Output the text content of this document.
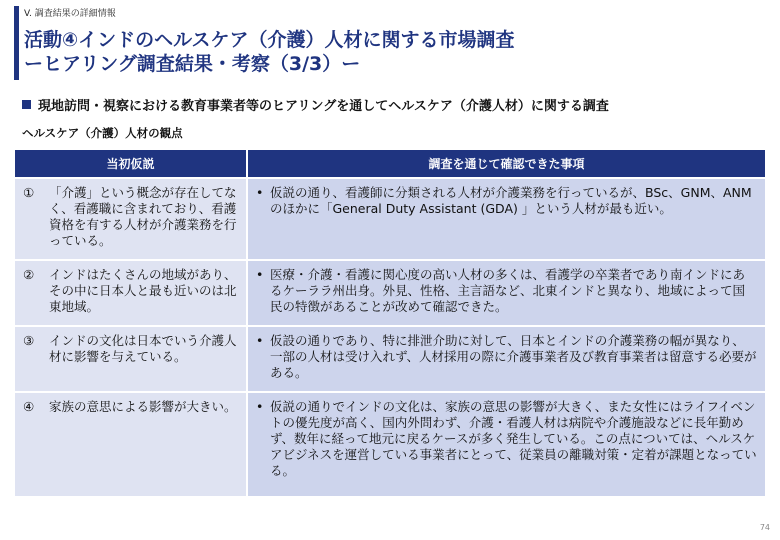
V. 調査結果の詳細情報
活動④インドのヘルスケア（介護）人材に関する市場調査
ーヒアリング調査結果・考察（3/3）ー
現地訪問・視察における教育事業者等のヒアリングを通してヘルスケア（介護人材）に関する調査
ヘルスケア（介護）人材の観点
当初仮説	調査を通じて確認できた事項

① 「介護」という概念が存在してなく、看護職に含まれており、看護資格を有する人材が介護業務を行っている。	• 仮説の通り、看護師に分類される人材が介護業務を行っているが、BSc、GNM、ANMのほかに「General Duty Assistant (GDA) 」という人材が最も近い。

② インドはたくさんの地域があり、その中に日本人と最も近いのは北東地域。	• 医療・介護・看護に関心度の高い人材の多くは、看護学の卒業者であり南インドにあるケーララ州出身。外見、性格、主言語など、北東インドと異なり、地域によって国民の特徴があることが改めて確認できた。

③ インドの文化は日本でいう介護人材に影響を与えている。	• 仮設の通りであり、特に排泄介助に対して、日本とインドの介護業務の幅が異なり、一部の人材は受け入れず、人材採用の際に介護事業者及び教育事業者は留意する必要がある。

④ 家族の意思による影響が大きい。	• 仮説の通りでインドの文化は、家族の意思の影響が大きく、また女性にはライフイベントの優先度が高く、国内外問わず、介護・看護人材は病院や介護施設などに長年勤めず、数年に経って地元に戻るケースが多く発生している。この点については、ヘルスケアビジネスを運営している事業者にとって、従業員の離職対策・定着が課題となっている。
74
